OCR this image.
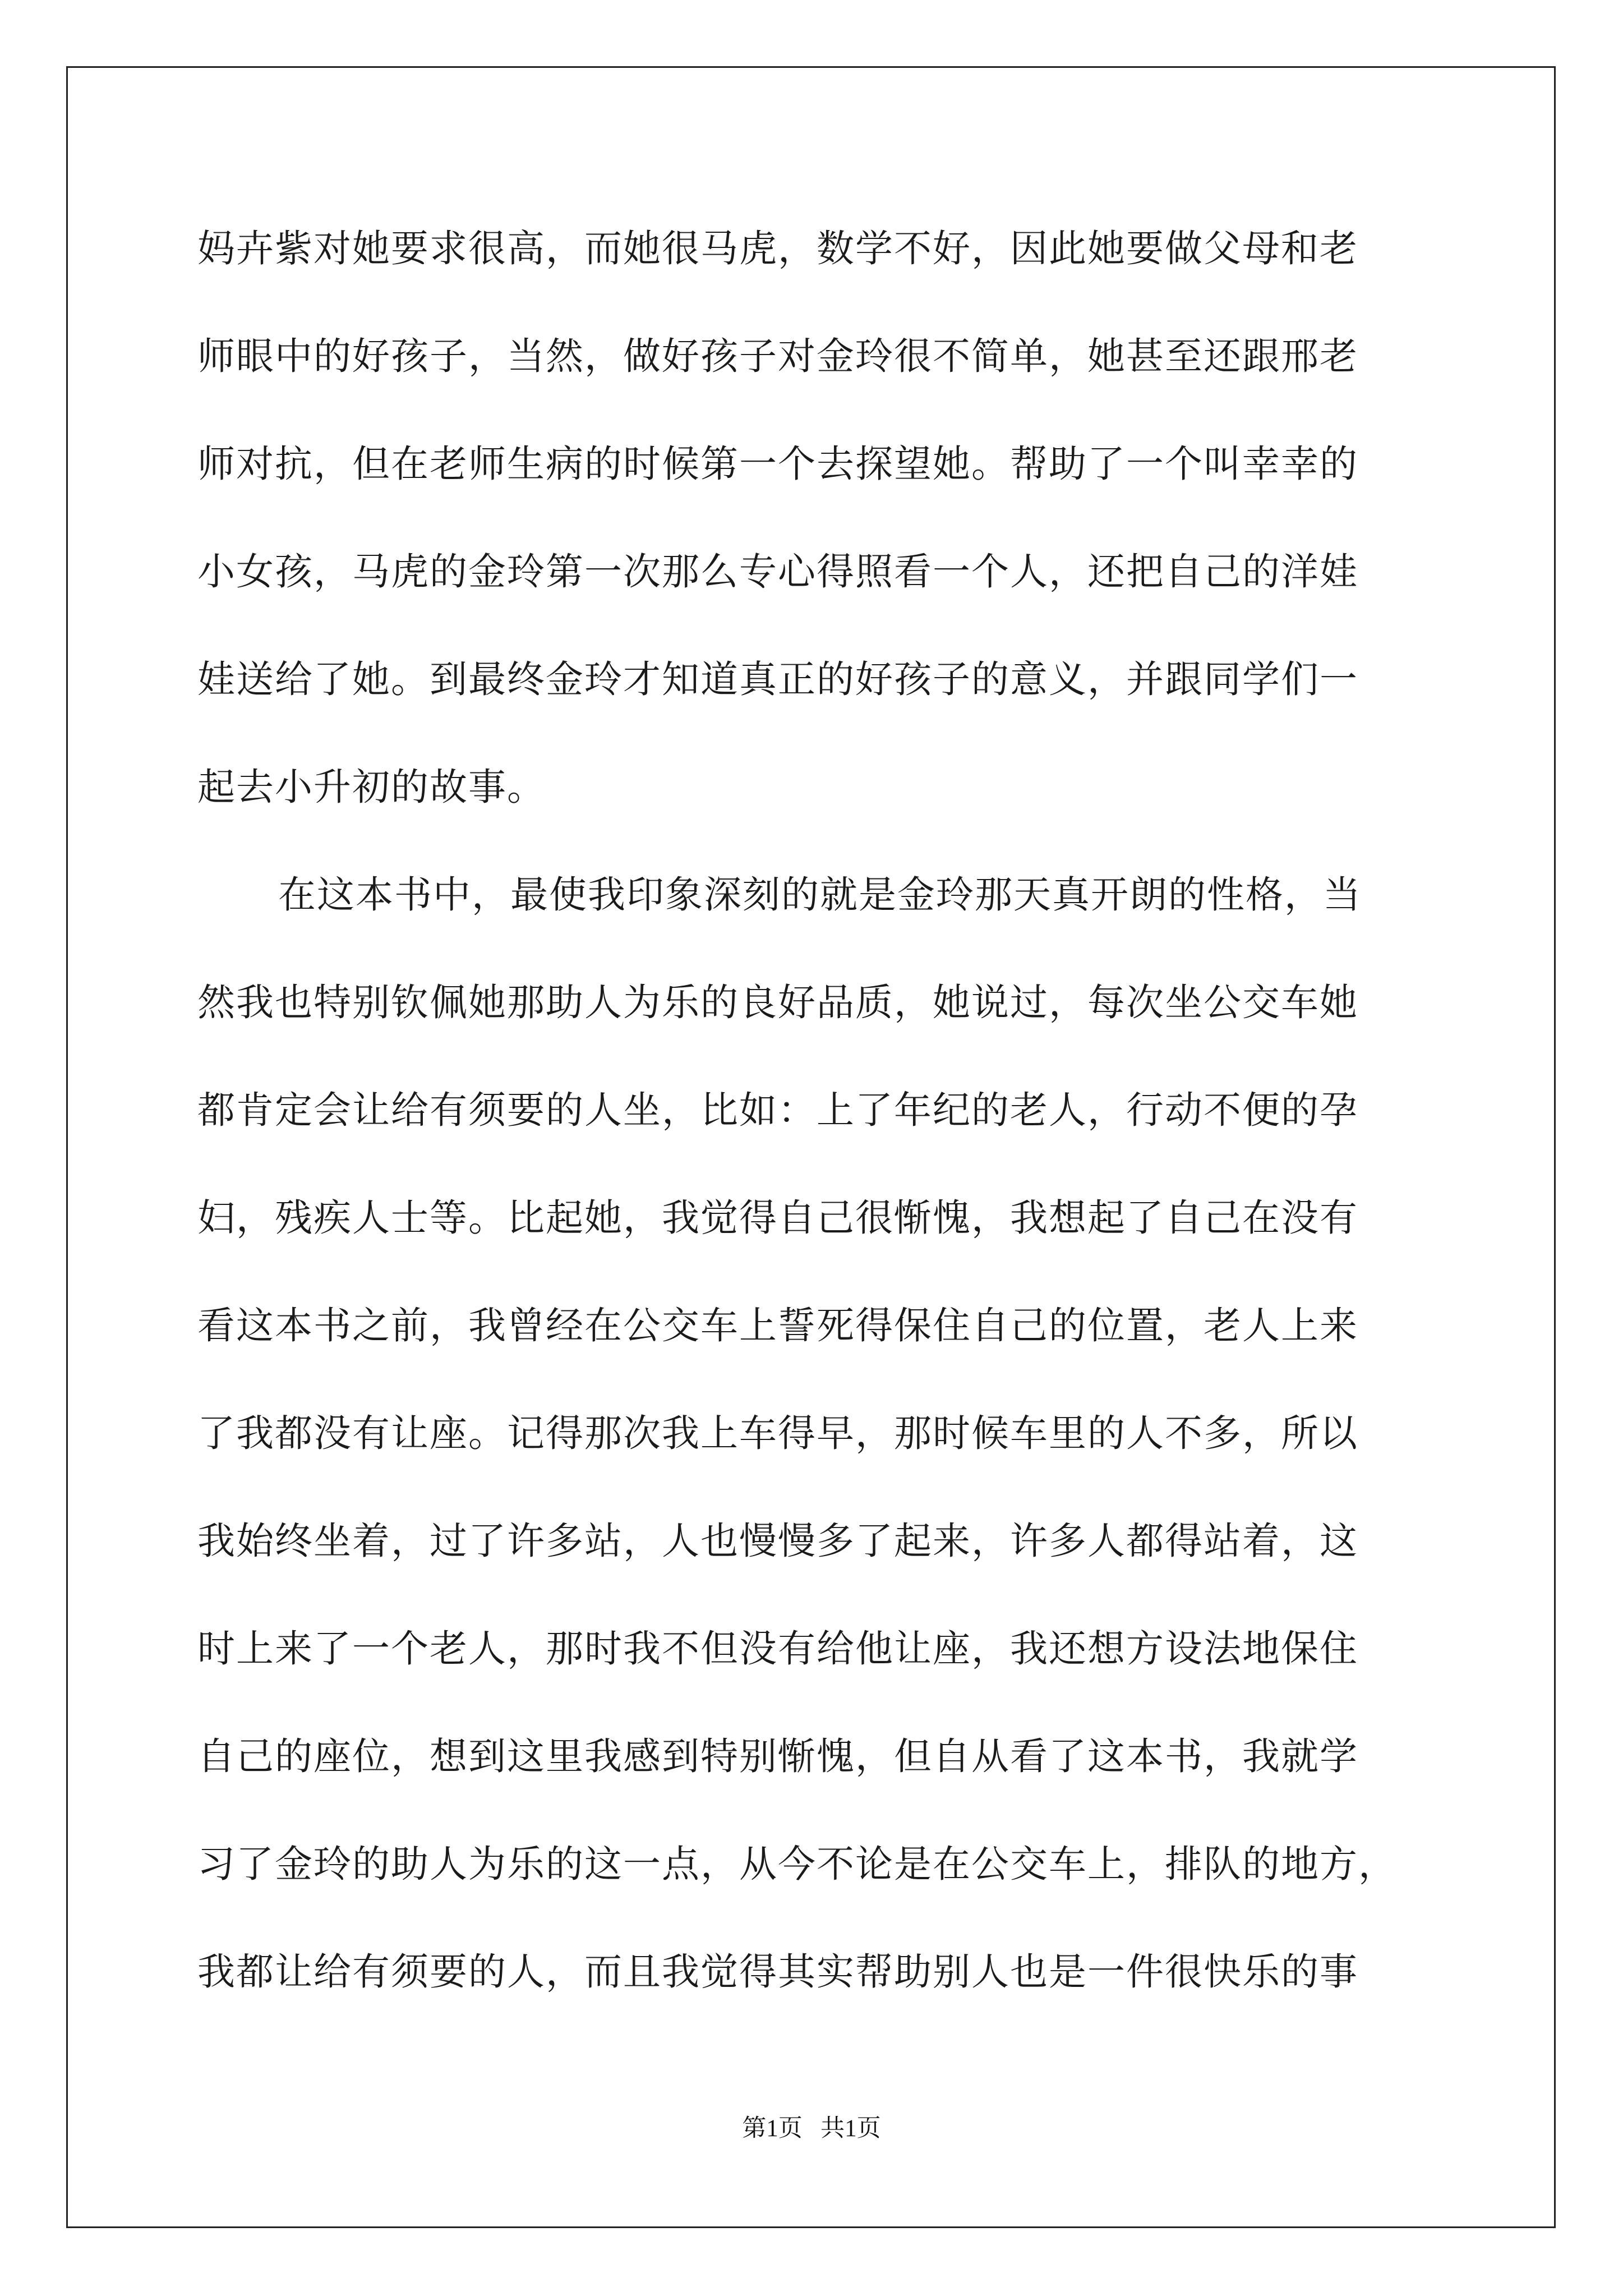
妈卉紫对她要求很高，而她很马虎，数学不好，因此她要做父母和老
师眼中的好孩子，当然，做好孩子对金玲很不简单，她甚至还跟邢老
师对抗，但在老师生病的时候第一个去探望她。帮助了一个叫幸幸的
小女孩，马虎的金玲第一次那么专心得照看一个人，还把自己的洋娃
娃送给了她。到最终金玲才知道真正的好孩子的意义，并跟同学们一
起去小升初的故事。
在这本书中，最使我印象深刻的就是金玲那天真开朗的性格，当
然我也特别钦佩她那助人为乐的良好品质，她说过，每次坐公交车她
都肯定会让给有须要的人坐，比如：上了年纪的老人，行动不便的孕
妇，残疾人士等。比起她，我觉得自己很惭愧，我想起了自己在没有
看这本书之前，我曾经在公交车上誓死得保住自己的位置，老人上来
了我都没有让座。记得那次我上车得早，那时候车里的人不多，所以
我始终坐着，过了许多站，人也慢慢多了起来，许多人都得站着，这
时上来了一个老人，那时我不但没有给他让座，我还想方设法地保住
自己的座位，想到这里我感到特别惭愧，但自从看了这本书，我就学
习了金玲的助人为乐的这一点，从今不论是在公交车上，排队的地方，
我都让给有须要的人，而且我觉得其实帮助别人也是一件很快乐的事
第1页   共1页
